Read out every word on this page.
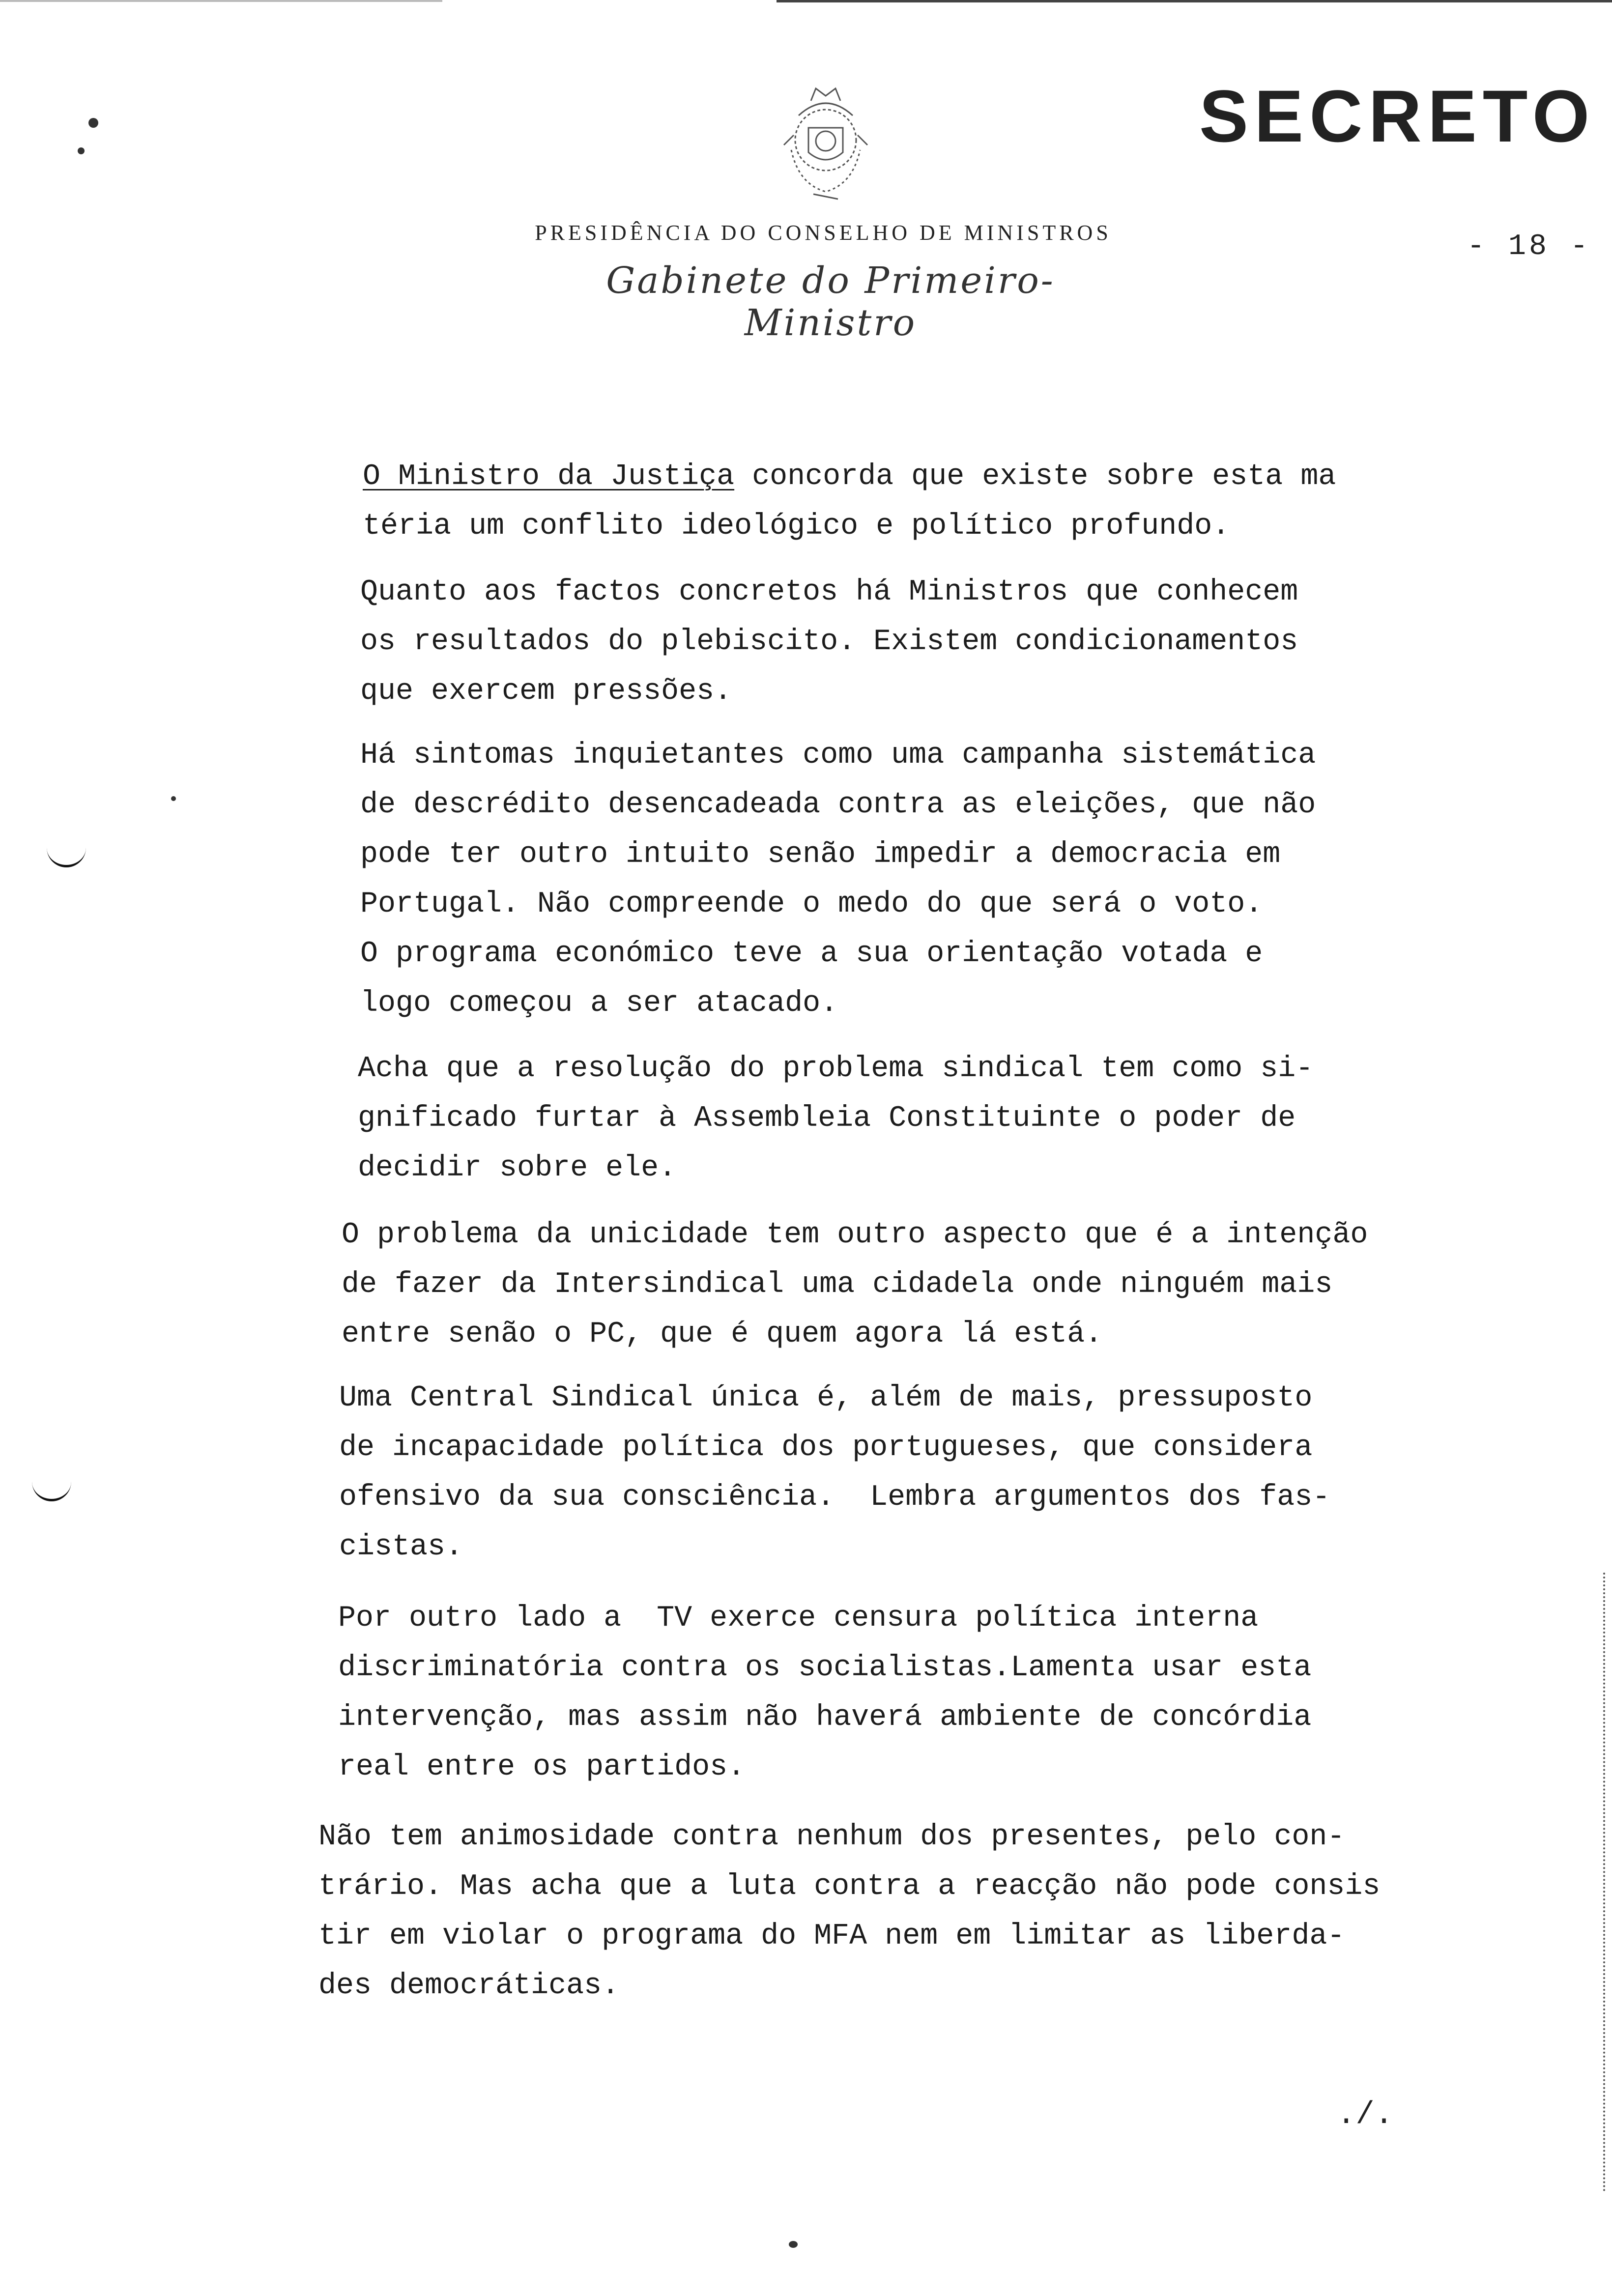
SECRETO
PRESIDÊNCIA DO CONSELHO DE MINISTROS
Gabinete do Primeiro-Ministro
- 18 -
O Ministro da Justiça concorda que existe sobre esta ma
téria um conflito ideológico e político profundo.
Quanto aos factos concretos há Ministros que conhecem
os resultados do plebiscito. Existem condicionamentos
que exercem pressões.
Há sintomas inquietantes como uma campanha sistemática
de descrédito desencadeada contra as eleições, que não
pode ter outro intuito senão impedir a democracia em
Portugal. Não compreende o medo do que será o voto.
O programa económico teve a sua orientação votada e
logo começou a ser atacado.
Acha que a resolução do problema sindical tem como si-
gnificado furtar à Assembleia Constituinte o poder de
decidir sobre ele.
O problema da unicidade tem outro aspecto que é a intenção
de fazer da Intersindical uma cidadela onde ninguém mais
entre senão o PC, que é quem agora lá está.
Uma Central Sindical única é, além de mais, pressuposto
de incapacidade política dos portugueses, que considera
ofensivo da sua consciência.  Lembra argumentos dos fas-
cistas.
Por outro lado a  TV exerce censura política interna
discriminatória contra os socialistas.Lamenta usar esta
intervenção, mas assim não haverá ambiente de concórdia
real entre os partidos.
Não tem animosidade contra nenhum dos presentes, pelo con-
trário. Mas acha que a luta contra a reacção não pode consis
tir em violar o programa do MFA nem em limitar as liberda-
des democráticas.
./.
